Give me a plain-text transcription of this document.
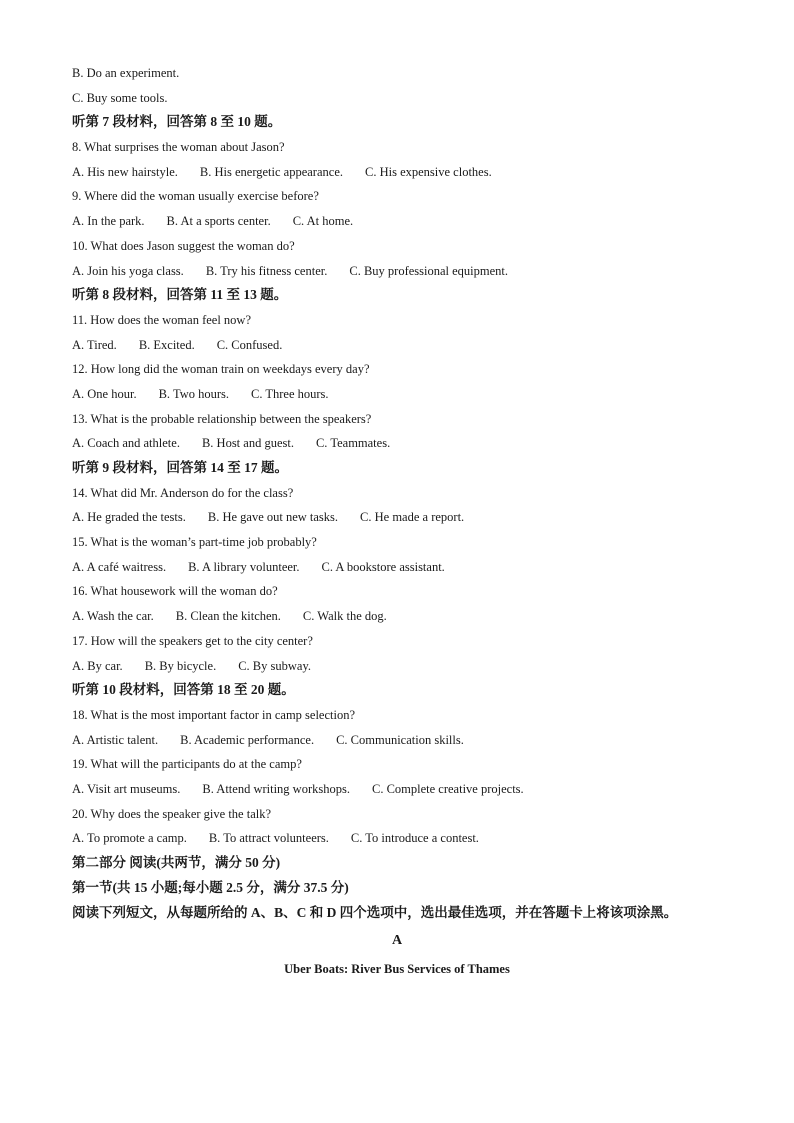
B. Do an experiment.
C. Buy some tools.
听第 7 段材料，回答第 8 至 10 题。
8. What surprises the woman about Jason?
A. His new hairstyle. B. His energetic appearance. C. His expensive clothes.
9. Where did the woman usually exercise before?
A. In the park. B. At a sports center. C. At home.
10. What does Jason suggest the woman do?
A. Join his yoga class. B. Try his fitness center. C. Buy professional equipment.
听第 8 段材料，回答第 11 至 13 题。
11. How does the woman feel now?
A. Tired. B. Excited. C. Confused.
12. How long did the woman train on weekdays every day?
A. One hour. B. Two hours. C. Three hours.
13. What is the probable relationship between the speakers?
A. Coach and athlete. B. Host and guest. C. Teammates.
听第 9 段材料，回答第 14 至 17 题。
14. What did Mr. Anderson do for the class?
A. He graded the tests. B. He gave out new tasks. C. He made a report.
15. What is the woman’s part-time job probably?
A. A café waitress. B. A library volunteer. C. A bookstore assistant.
16. What housework will the woman do?
A. Wash the car. B. Clean the kitchen. C. Walk the dog.
17. How will the speakers get to the city center?
A. By car. B. By bicycle. C. By subway.
听第 10 段材料，回答第 18 至 20 题。
18. What is the most important factor in camp selection?
A. Artistic talent. B. Academic performance. C. Communication skills.
19. What will the participants do at the camp?
A. Visit art museums. B. Attend writing workshops. C. Complete creative projects.
20. Why does the speaker give the talk?
A. To promote a camp. B. To attract volunteers. C. To introduce a contest.
第二部分 阅读(共两节，满分 50 分)
第一节(共 15 小题;每小题 2.5 分，满分 37.5 分)
阅读下列短文，从每题所给的 A、B、C 和 D 四个选项中，选出最佳选项，并在答题卡上将该项涂黑。
A
Uber Boats: River Bus Services of Thames
